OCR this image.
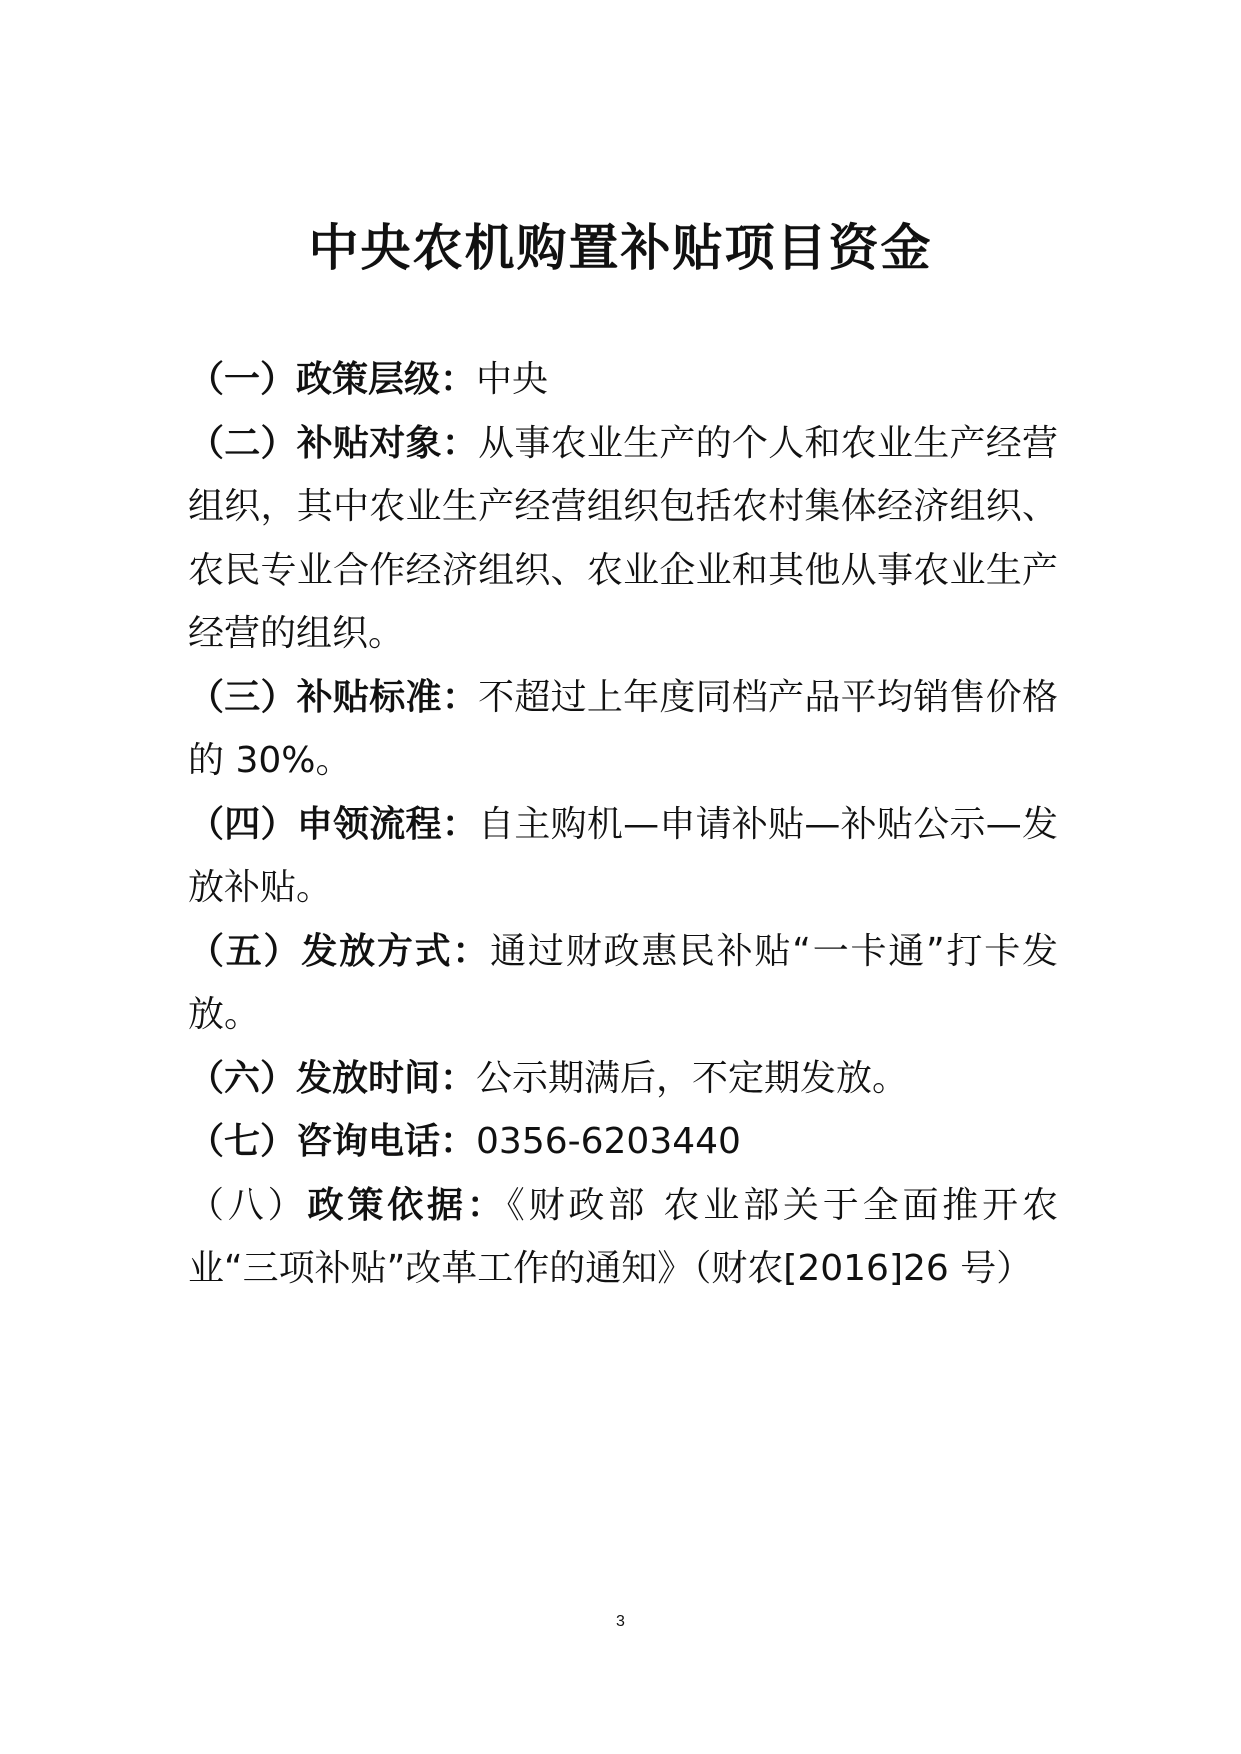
中央农机购置补贴项目资金

（一）政策层级：中央

（二）补贴对象：从事农业生产的个人和农业生产经营组织，其中农业生产经营组织包括农村集体经济组织、农民专业合作经济组织、农业企业和其他从事农业生产经营的组织。

（三）补贴标准：不超过上年度同档产品平均销售价格的 30%。

（四）申领流程：自主购机—申请补贴—补贴公示—发放补贴。

（五）发放方式：通过财政惠民补贴“一卡通”打卡发放。

（六）发放时间：公示期满后，不定期发放。

（七）咨询电话：0356-6203440

（八）政策依据：《财政部 农业部关于全面推开农业“三项补贴”改革工作的通知》（财农[2016]26 号）

3
